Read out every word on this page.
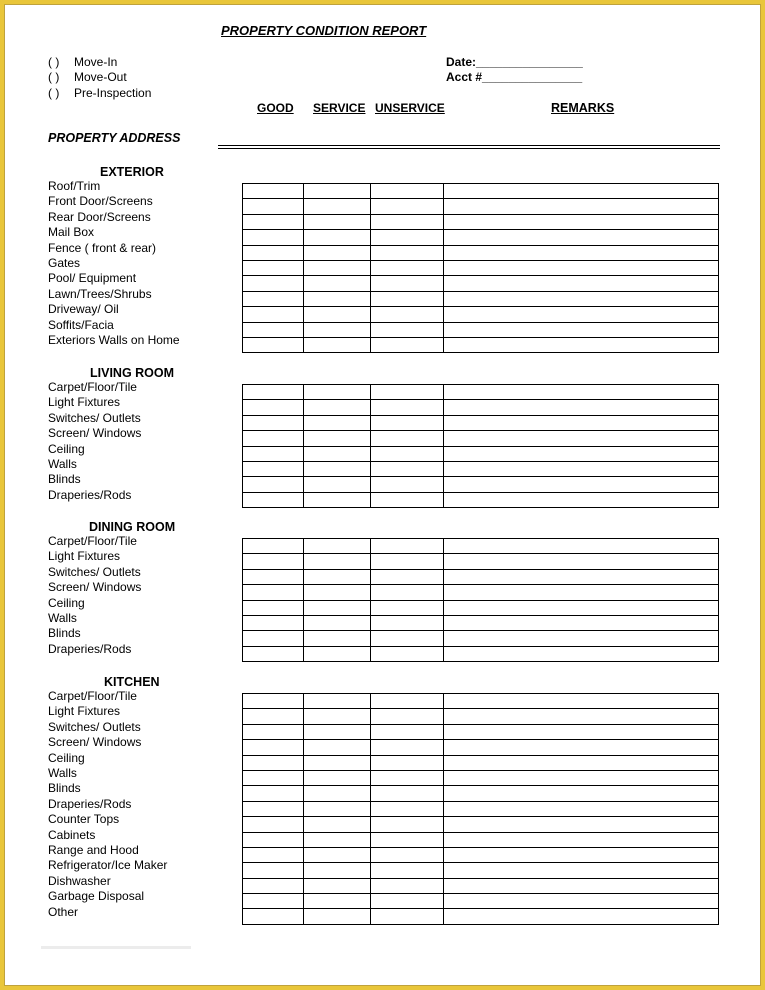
PROPERTY CONDITION REPORT
( ) Move-In
( ) Move-Out
( ) Pre-Inspection
Date:________________
Acct #_______________
GOOD SERVICE UNSERVICE	REMARKS
PROPERTY ADDRESS
EXTERIOR
Roof/Trim
Front Door/Screens
Rear Door/Screens
Mail Box
Fence ( front & rear)
Gates
Pool/ Equipment
Lawn/Trees/Shrubs
Driveway/ Oil
Soffits/Facia
Exteriors Walls on Home

LIVING ROOM
Carpet/Floor/Tile
Light Fixtures
Switches/ Outlets
Screen/ Windows
Ceiling
Walls
Blinds
Draperies/Rods

DINING ROOM
Carpet/Floor/Tile
Light Fixtures
Switches/ Outlets
Screen/ Windows
Ceiling
Walls
Blinds
Draperies/Rods

KITCHEN
Carpet/Floor/Tile
Light Fixtures
Switches/ Outlets
Screen/ Windows
Ceiling
Walls
Blinds
Draperies/Rods
Counter Tops
Cabinets
Range and Hood
Refrigerator/Ice Maker
Dishwasher
Garbage Disposal
Other

▬▬▬▬▬▬▬▬▬▬▬▬▬▬▬
